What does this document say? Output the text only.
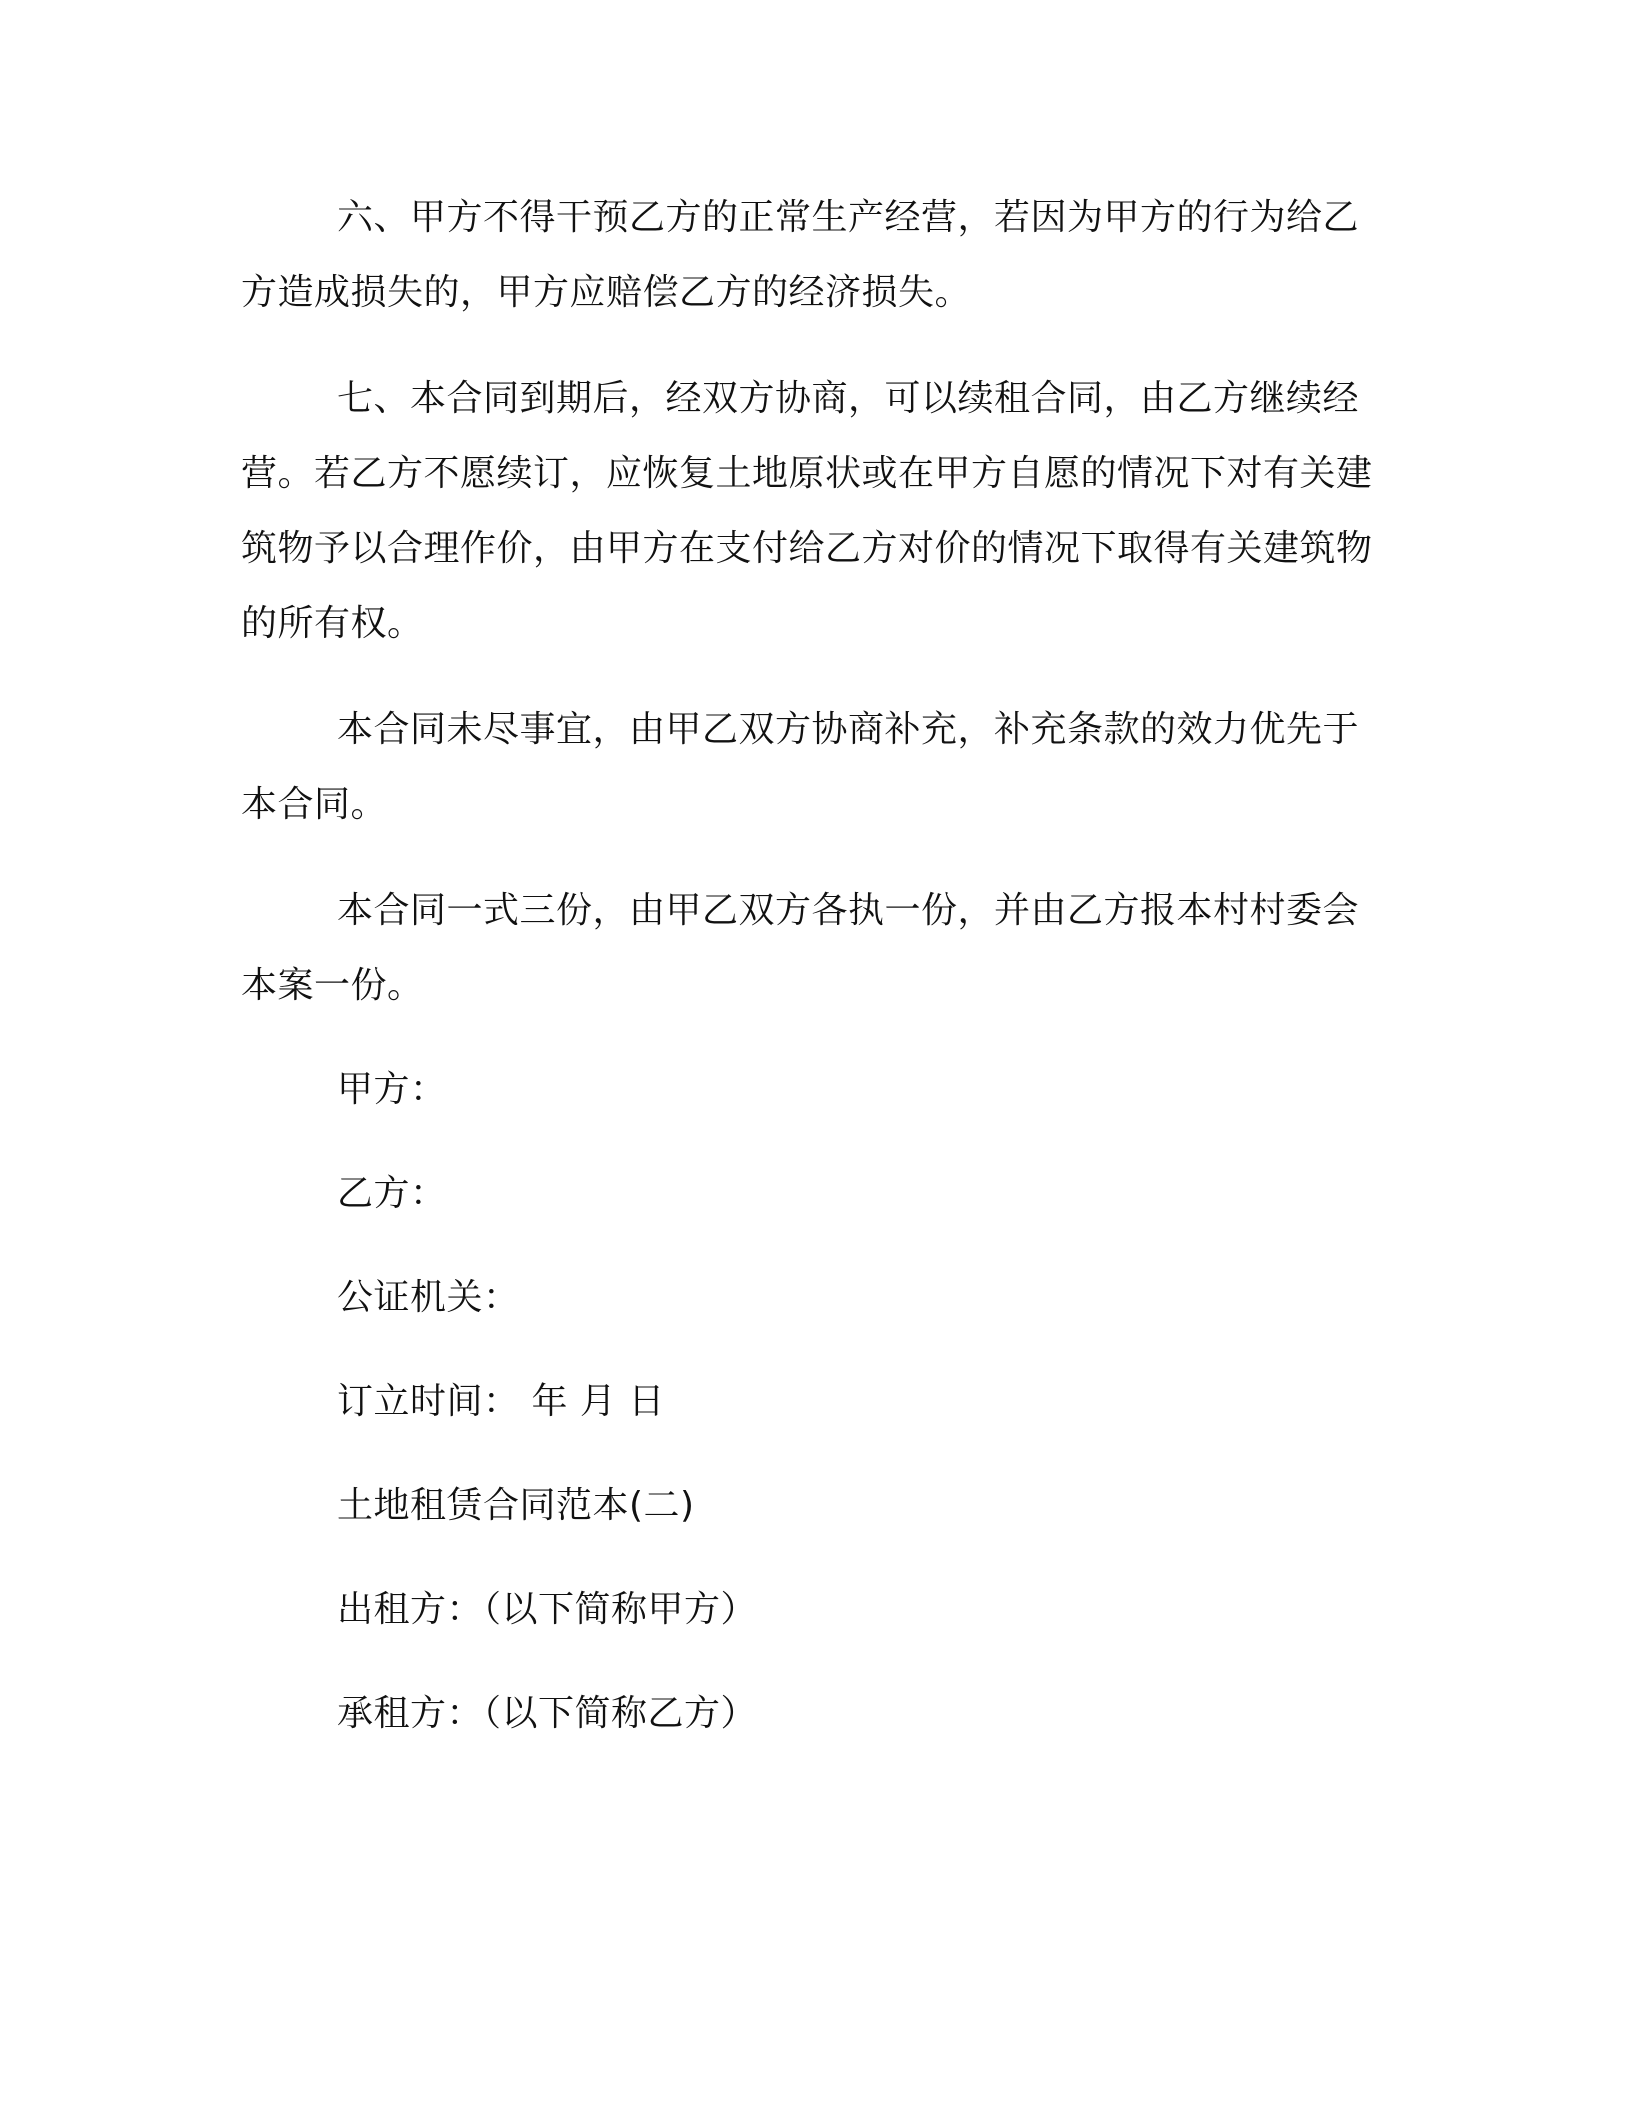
六、甲方不得干预乙方的正常生产经营，若因为甲方的行为给乙方造成损失的，甲方应赔偿乙方的经济损失。

七、本合同到期后，经双方协商，可以续租合同，由乙方继续经营。若乙方不愿续订，应恢复土地原状或在甲方自愿的情况下对有关建筑物予以合理作价，由甲方在支付给乙方对价的情况下取得有关建筑物的所有权。

本合同未尽事宜，由甲乙双方协商补充，补充条款的效力优先于本合同。

本合同一式三份，由甲乙双方各执一份，并由乙方报本村村委会本案一份。

甲方：

乙方：

公证机关：

订立时间： 年 月 日

土地租赁合同范本(二)

出租方：（以下简称甲方）

承租方：（以下简称乙方）
